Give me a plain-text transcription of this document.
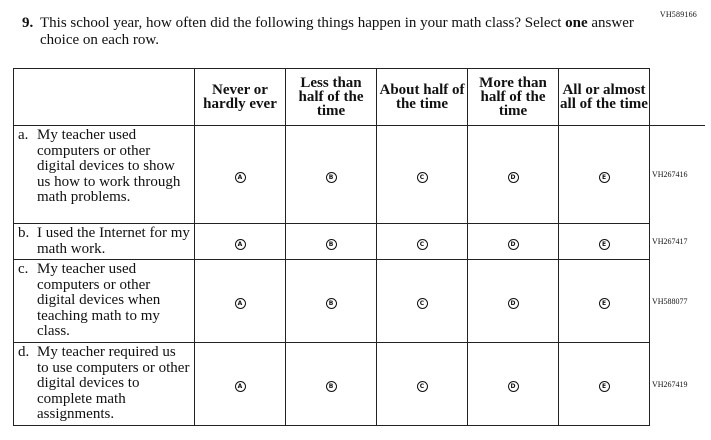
VH589166
9. This school year, how often did the following things happen in your math class? Select one answer choice on each row.
	Never or hardly ever	Less than half of the time	About half of the time	More than half of the time	All or almost all of the time	

a. My teacher used computers or other digital devices to show us how to work through math problems.	A	B	C	D	E	VH267416

b. I used the Internet for my math work.	A	B	C	D	E	VH267417

c. My teacher used computers or other digital devices when teaching math to my class.	A	B	C	D	E	VH588077

d. My teacher required us to use computers or other digital devices to complete math assignments.	A	B	C	D	E	VH267419
